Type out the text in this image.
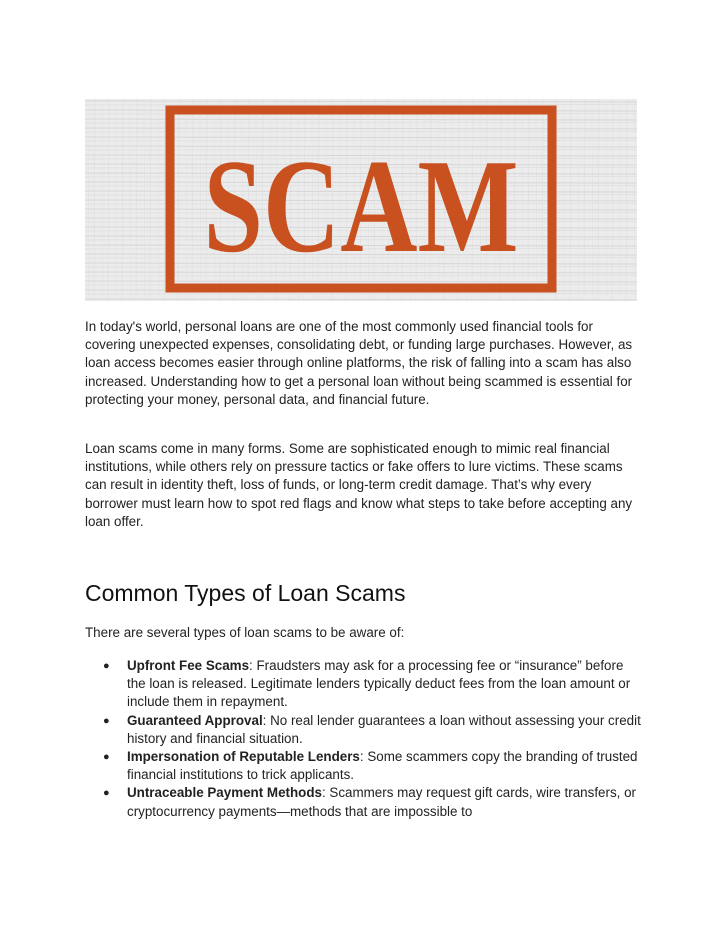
SCAM

In today's world, personal loans are one of the most commonly used financial tools for covering unexpected expenses, consolidating debt, or funding large purchases. However, as loan access becomes easier through online platforms, the risk of falling into a scam has also increased. Understanding how to get a personal loan without being scammed is essential for protecting your money, personal data, and financial future.

Loan scams come in many forms. Some are sophisticated enough to mimic real financial institutions, while others rely on pressure tactics or fake offers to lure victims. These scams can result in identity theft, loss of funds, or long-term credit damage. That’s why every borrower must learn how to spot red flags and know what steps to take before accepting any loan offer.

Common Types of Loan Scams

There are several types of loan scams to be aware of:

● Upfront Fee Scams: Fraudsters may ask for a processing fee or “insurance” before the loan is released. Legitimate lenders typically deduct fees from the loan amount or include them in repayment.
● Guaranteed Approval: No real lender guarantees a loan without assessing your credit history and financial situation.
● Impersonation of Reputable Lenders: Some scammers copy the branding of trusted financial institutions to trick applicants.
● Untraceable Payment Methods: Scammers may request gift cards, wire transfers, or cryptocurrency payments—methods that are impossible to
